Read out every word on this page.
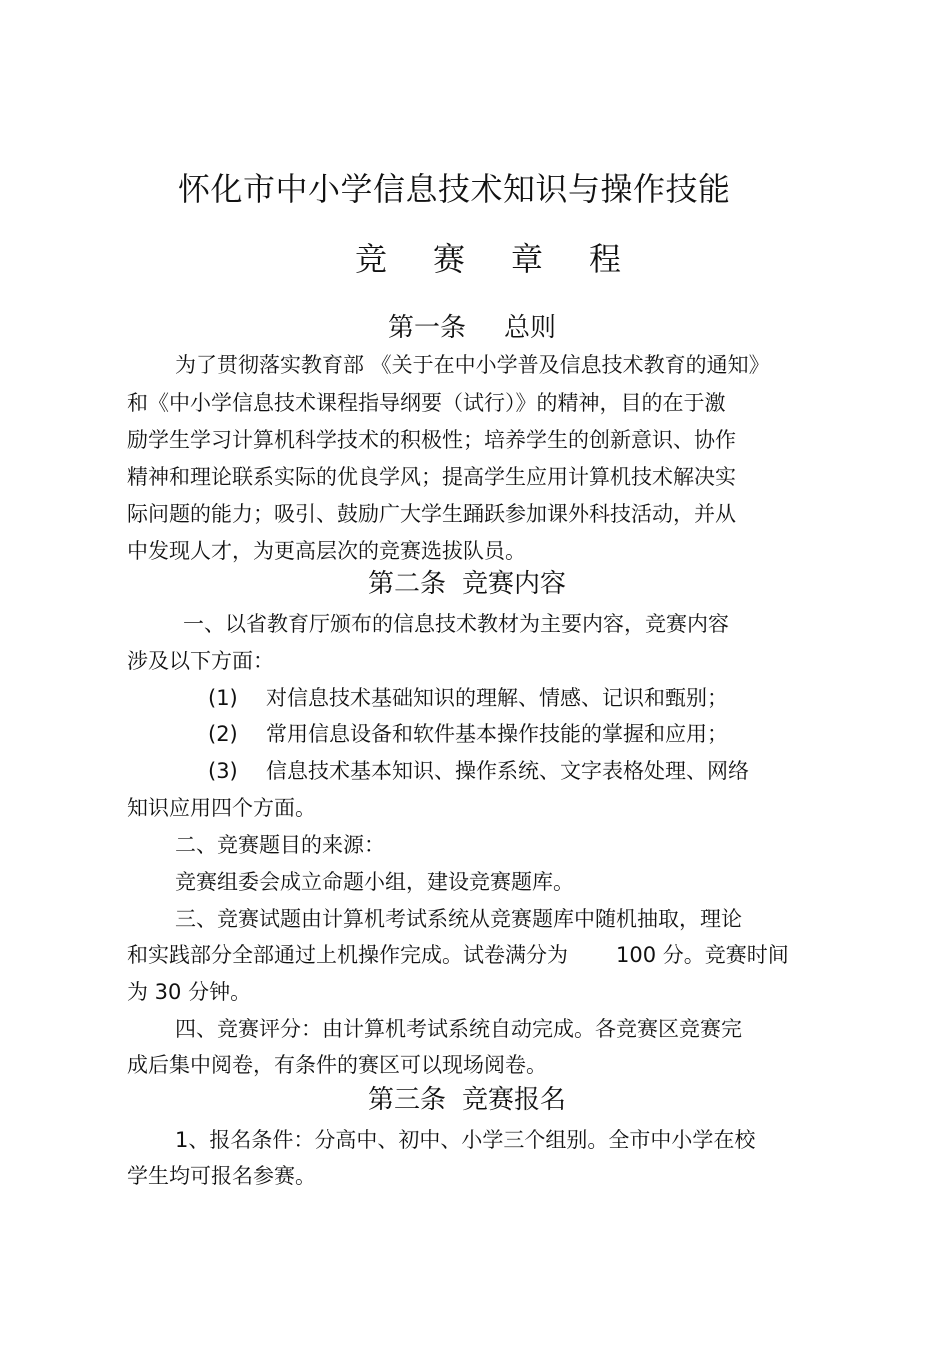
怀化市中小学信息技术知识与操作技能
竞 赛 章 程
第一条 总则
为了贯彻落实教育部 《关于在中小学普及信息技术教育的通知》
和《中小学信息技术课程指导纲要（试行）》的精神，目的在于激
励学生学习计算机科学技术的积极性；培养学生的创新意识、协作
精神和理论联系实际的优良学风；提高学生应用计算机技术解决实
际问题的能力；吸引、鼓励广大学生踊跃参加课外科技活动，并从
中发现人才，为更高层次的竞赛选拔队员。
第二条 竞赛内容
一、以省教育厅颁布的信息技术教材为主要内容，竞赛内容
涉及以下方面：
(1) 对信息技术基础知识的理解、情感、记识和甄别；
(2) 常用信息设备和软件基本操作技能的掌握和应用；
(3) 信息技术基本知识、操作系统、文字表格处理、网络
知识应用四个方面。
二、竞赛题目的来源：
竞赛组委会成立命题小组，建设竞赛题库。
三、竞赛试题由计算机考试系统从竞赛题库中随机抽取，理论
和实践部分全部通过上机操作完成。试卷满分为 100 分。竞赛时间
为 30 分钟。
四、竞赛评分：由计算机考试系统自动完成。各竞赛区竞赛完
成后集中阅卷，有条件的赛区可以现场阅卷。
第三条 竞赛报名
1、报名条件：分高中、初中、小学三个组别。全市中小学在校
学生均可报名参赛。
